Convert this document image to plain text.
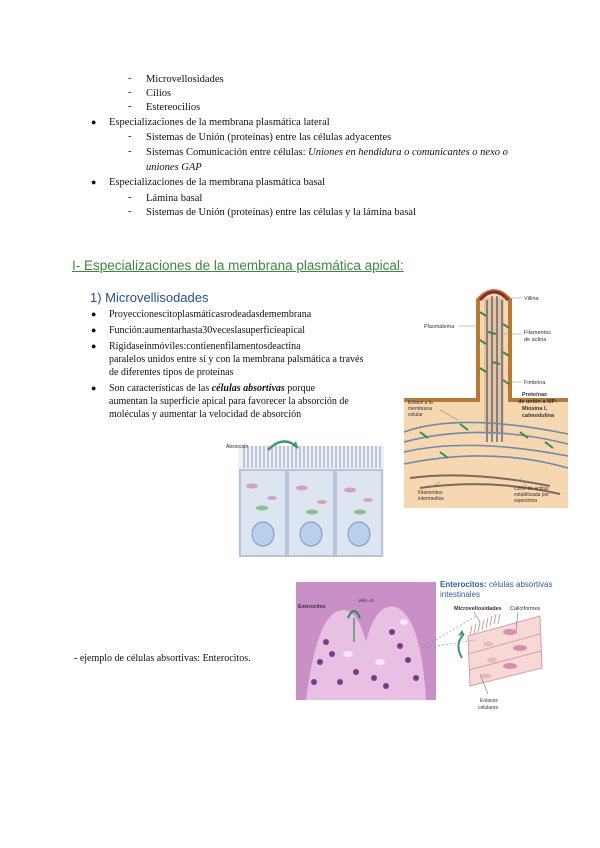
- Microvellosidades
- Cilios
- Estereocilios
● Especializaciones de la membrana plasmática lateral
- Sistemas de Unión (proteínas) entre las células adyacentes
- Sistemas Comunicación entre células: Uniones en hendidura o comunicantes o nexo o
uniones GAP
● Especializaciones de la membrana plasmática basal
- Lámina basal
- Sistemas de Unión (proteínas) entre las células y la lámina basal
I- Especializaciones de la membrana plasmática apical:
1) Microvellisodades
● Proyeccionescitoplasmáticasrodeadasdemembrana
● Función:aumentarhasta30veceslasuperficieapical
● Rigidaseinmóviles:contienenfilamentosdeactina
paralelos unidos entre sí y con la membrana palsmática a través
de diferentes tipos de proteínas
● Son características de las células absortivas porque
aumentan la superficie apical para favorecer la absorción de
moléculas y aumentar la velocidad de absorción
- ejemplo de células absortivas: Enterocitos.
Villina
Filamentos
de actina
Plasmalema
Fimbrina
Proteínas
de unión a MP:
Miosina I,
calmodulina
Enlace a la
membrana
celular
Filamentos
intermedios
Corte de actina
estabilizada por
espectrina
Absorción
Enterocitos
Vello cit.
Enterocitos: células absortivas
intestinales
Microvellosidades Caliciformes
Enlaces
celulares
